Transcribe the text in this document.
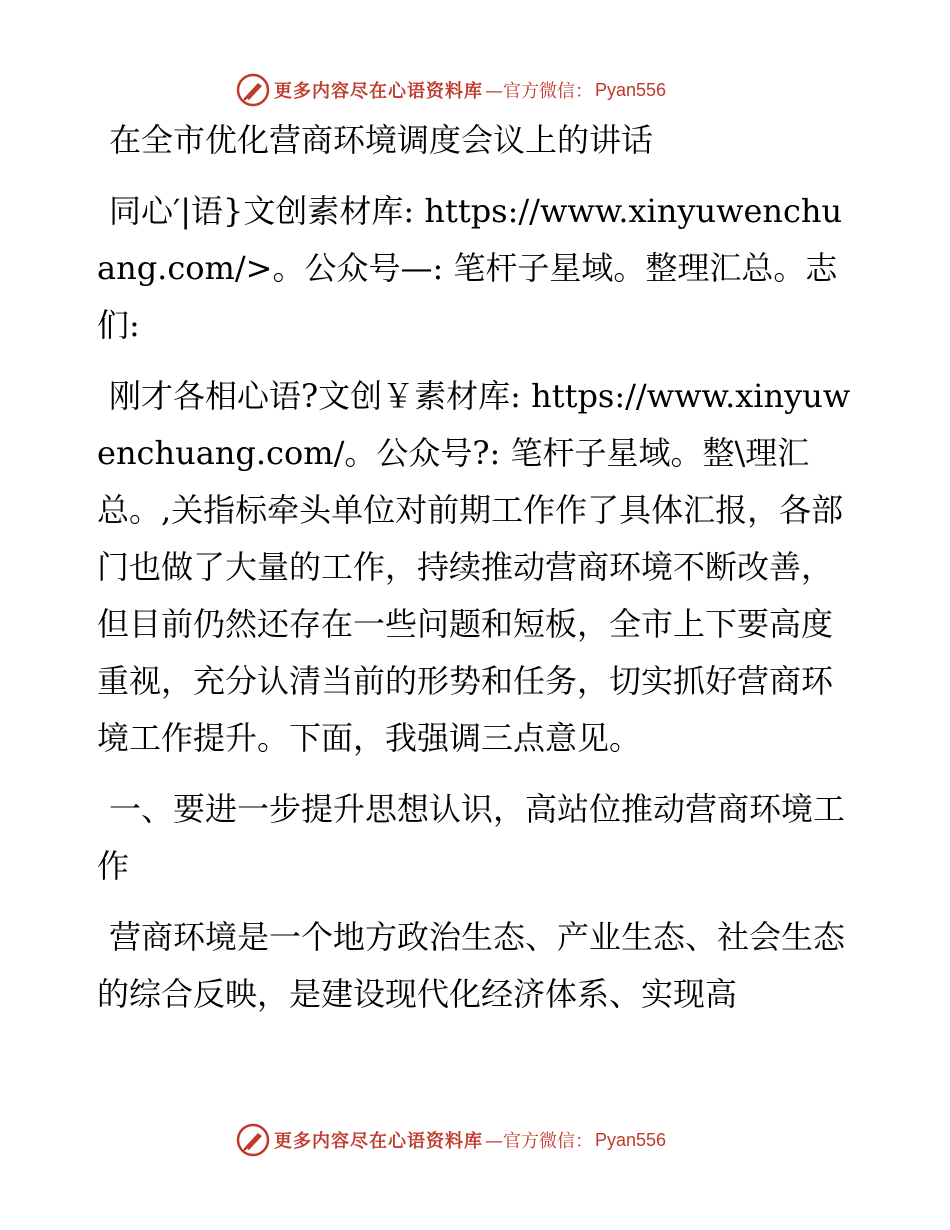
更多内容尽在心语资料库 —官方微信： Pyan556

在全市优化营商环境调度会议上的讲话

同心′|语}文创素材库: https://www.xinyuwenchuang.com/>。公众号—: 笔杆子星域。整理汇总。志们:

刚才各相心语?文创￥素材库: https://www.xinyuwenchuang.com/。公众号?: 笔杆子星域。整\理汇总。,关指标牵头单位对前期工作作了具体汇报，各部门也做了大量的工作，持续推动营商环境不断改善，但目前仍然还存在一些问题和短板，全市上下要高度重视，充分认清当前的形势和任务，切实抓好营商环境工作提升。下面，我强调三点意见。

一、要进一步提升思想认识，高站位推动营商环境工作

营商环境是一个地方政治生态、产业生态、社会生态的综合反映，是建设现代化经济体系、实现高

更多内容尽在心语资料库 —官方微信： Pyan556
